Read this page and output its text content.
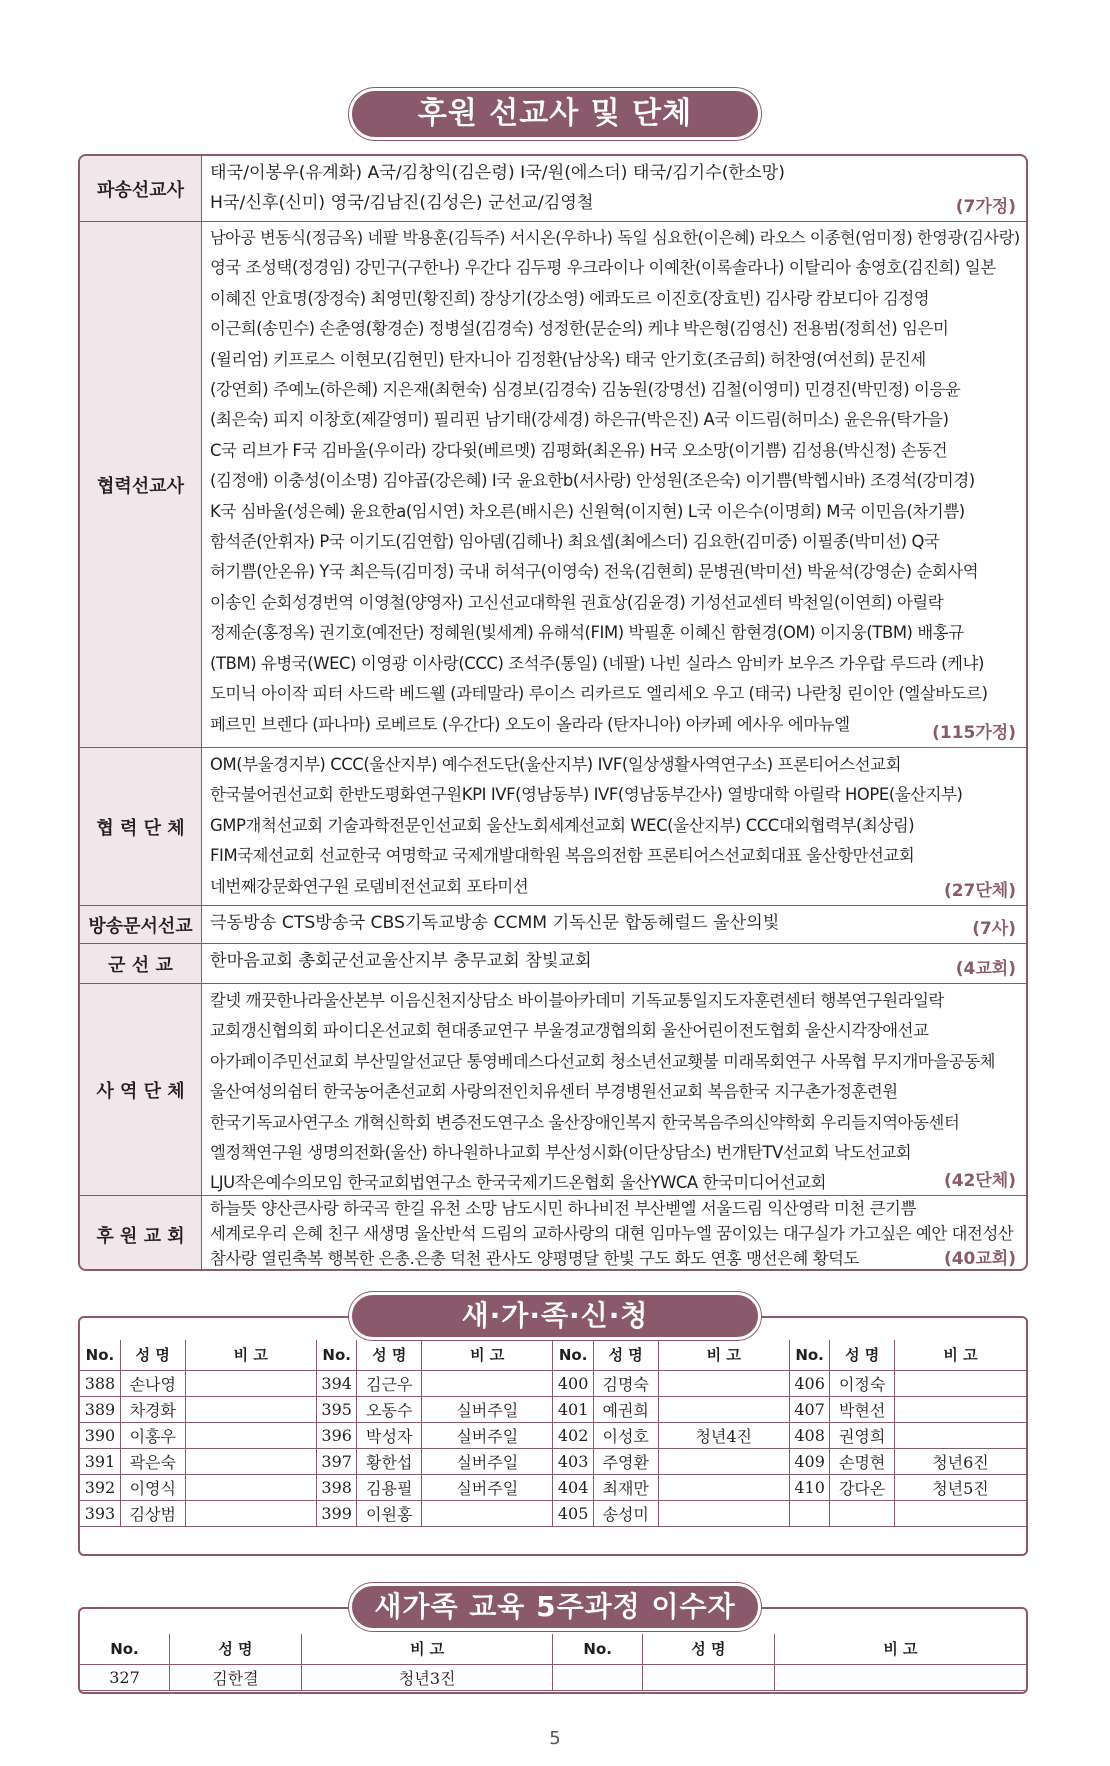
후원 선교사 및 단체
파송선교사
태국/이봉우(유계화) A국/김창익(김은령) I국/원(에스더) 태국/김기수(한소망)
H국/신후(신미) 영국/김남진(김성은) 군선교/김영철	(7가정)
협력선교사
남아공 변동식(정금옥) 네팔 박용훈(김득주) 서시온(우하나) 독일 심요한(이은혜) 라오스 이종현(엄미정) 한영광(김사랑)
영국 조성택(정경임) 강민구(구한나) 우간다 김두평 우크라이나 이예찬(이록솔라나) 이탈리아 송영호(김진희) 일본
이혜진 안효명(장정숙) 최영민(황진희) 장상기(강소영) 에콰도르 이진호(장효빈) 김사랑 캄보디아 김정영
이근희(송민수) 손춘영(황경순) 정병설(김경숙) 성정한(문순의) 케냐 박은형(김영신) 전용범(정희선) 임은미
(윌리엄) 키프로스 이현모(김현민) 탄자니아 김정환(남상옥) 태국 안기호(조금희) 허찬영(여선희) 문진세
(강연희) 주예노(하은혜) 지은재(최현숙) 심경보(김경숙) 김농원(강명선) 김철(이영미) 민경진(박민정) 이응윤
(최은숙) 피지 이창호(제갈영미) 필리핀 남기태(강세경) 하은규(박은진) A국 이드림(허미소) 윤은유(탁가을)
C국 리브가 F국 김바울(우이라) 강다윗(베르멧) 김평화(최온유) H국 오소망(이기쁨) 김성용(박신정) 손동건
(김정애) 이충성(이소명) 김야곱(강은혜) I국 윤요한b(서사랑) 안성원(조은숙) 이기쁨(박헵시바) 조경석(강미경)
K국 심바울(성은혜) 윤요한a(임시연) 차오른(배시은) 신원혁(이지현) L국 이은수(이명희) M국 이민음(차기쁨)
함석준(안휘자) P국 이기도(김연합) 임아뎀(김헤나) 최요셉(최에스더) 김요한(김미중) 이필종(박미선) Q국
허기쁨(안온유) Y국 최은득(김미정) 국내 허석구(이영숙) 전욱(김현희) 문병권(박미선) 박윤석(강영순) 순회사역
이송인 순회성경번역 이영철(양영자) 고신선교대학원 권효상(김윤경) 기성선교센터 박천일(이연희) 아릴락
정제순(홍정옥) 권기호(예전단) 정혜원(빛세계) 유해석(FIM) 박필훈 이혜신 함현경(OM) 이지웅(TBM) 배홍규
(TBM) 유병국(WEC) 이영광 이사랑(CCC) 조석주(통일) (네팔) 나빈 실라스 암비카 보우즈 가우랍 루드라 (케냐)
도미닉 아이작 피터 사드락 베드웰 (과테말라) 루이스 리카르도 엘리세오 우고 (태국) 나란칭 린이안 (엘살바도르)
페르민 브렌다 (파나마) 로베르토 (우간다) 오도이 올라라 (탄자니아) 아카페 에사우 에마뉴엘	(115가정)
협 력 단 체
OM(부울경지부) CCC(울산지부) 예수전도단(울산지부) IVF(일상생활사역연구소) 프론티어스선교회
한국불어권선교회 한반도평화연구원KPI IVF(영남동부) IVF(영남동부간사) 열방대학 아릴락 HOPE(울산지부)
GMP개척선교회 기술과학전문인선교회 울산노회세계선교회 WEC(울산지부) CCC대외협력부(최상림)
FIM국제선교회 선교한국 여명학교 국제개발대학원 복음의전함 프론티어스선교회대표 울산항만선교회
네번째강문화연구원 로뎀비전선교회 포타미션	(27단체)
방송문서선교	극동방송 CTS방송국 CBS기독교방송 CCMM 기독신문 합동헤럴드 울산의빛	(7사)
군 선 교	한마음교회 총회군선교울산지부 충무교회 참빛교회	(4교회)
사 역 단 체
칼넷 깨끗한나라울산본부 이음신천지상담소 바이블아카데미 기독교통일지도자훈련센터 행복연구원라일락
교회갱신협의회 파이디온선교회 현대종교연구 부울경교갱협의회 울산어린이전도협회 울산시각장애선교
아가페이주민선교회 부산밀알선교단 통영베데스다선교회 청소년선교횃불 미래목회연구 사목협 무지개마을공동체
울산여성의쉼터 한국농어촌선교회 사랑의전인치유센터 부경병원선교회 복음한국 지구촌가정훈련원
한국기독교사연구소 개혁신학회 변증전도연구소 울산장애인복지 한국복음주의신약학회 우리들지역아동센터
엘정책연구원 생명의전화(울산) 하나원하나교회 부산성시화(이단상담소) 번개탄TV선교회 낙도선교회
LJU작은예수의모임 한국교회법연구소 한국국제기드온협회 울산YWCA 한국미디어선교회	(42단체)
후 원 교 회
하늘뜻 양산큰사랑 하국곡 한길 유천 소망 남도시민 하나비전 부산벧엘 서울드림 익산영락 미천 큰기쁨
세계로우리 은혜 친구 새생명 울산반석 드림의 교하사랑의 대현 임마누엘 꿈이있는 대구실가 가고싶은 예안 대전성산
참사랑 열린축복 행복한 은총.은총 덕천 관사도 양평명달 한빛 구도 화도 연홍 맹선은혜 황덕도	(40교회)
새·가·족·신·청
No.	성 명	비 고	No.	성 명	비 고	No.	성 명	비 고	No.	성 명	비 고
388	손나영		394	김근우		400	김명숙		406	이정숙	
389	차경화		395	오동수	실버주일	401	예권희		407	박현선	
390	이홍우		396	박성자	실버주일	402	이성호	청년4진	408	권영희	
391	곽은숙		397	황한섭	실버주일	403	주영환		409	손명현	청년6진
392	이영식		398	김용필	실버주일	404	최재만		410	강다온	청년5진
393	김상범		399	이원홍		405	송성미				
새가족 교육 5주과정 이수자
No.	성 명	비 고	No.	성 명	비 고
327	김한결	청년3진			
5
